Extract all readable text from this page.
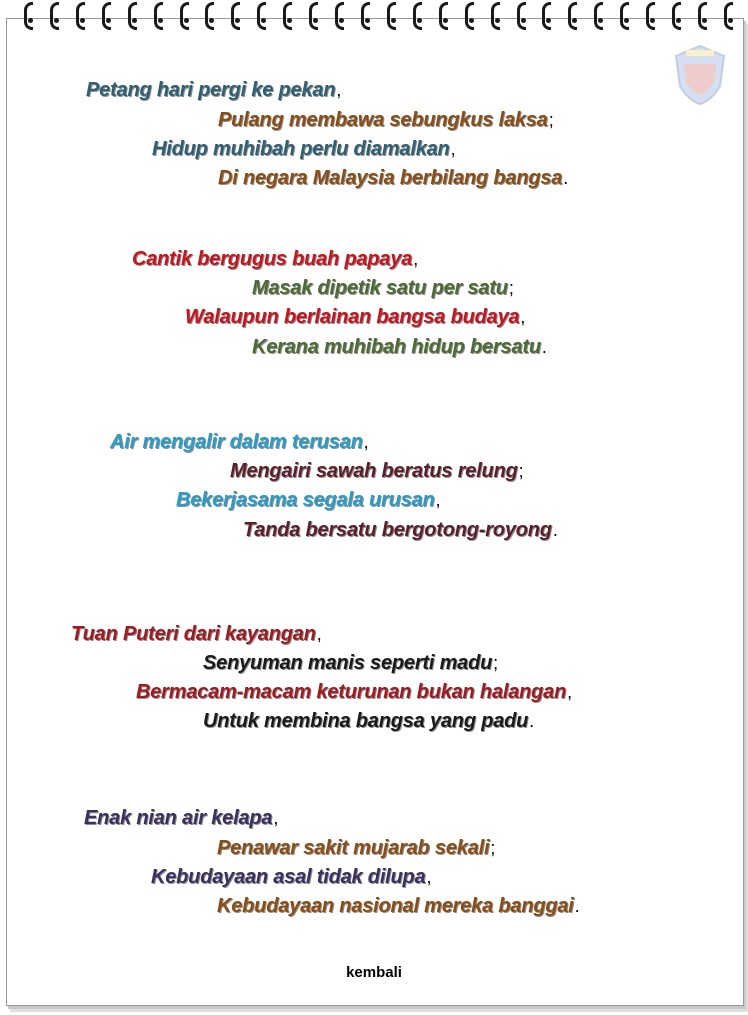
Petang hari pergi ke pekan,
Pulang membawa sebungkus laksa;
Hidup muhibah perlu diamalkan,
Di negara Malaysia berbilang bangsa.
Cantik bergugus buah papaya,
Masak dipetik satu per satu;
Walaupun berlainan bangsa budaya,
Kerana muhibah hidup bersatu.
Air mengalir dalam terusan,
Mengairi sawah beratus relung;
Bekerjasama segala urusan,
Tanda bersatu bergotong-royong.
Tuan Puteri dari kayangan,
Senyuman manis seperti madu;
Bermacam-macam keturunan bukan halangan,
Untuk membina bangsa yang padu.
Enak nian air kelapa,
Penawar sakit mujarab sekali;
Kebudayaan asal tidak dilupa,
Kebudayaan nasional mereka banggai.
kembali
